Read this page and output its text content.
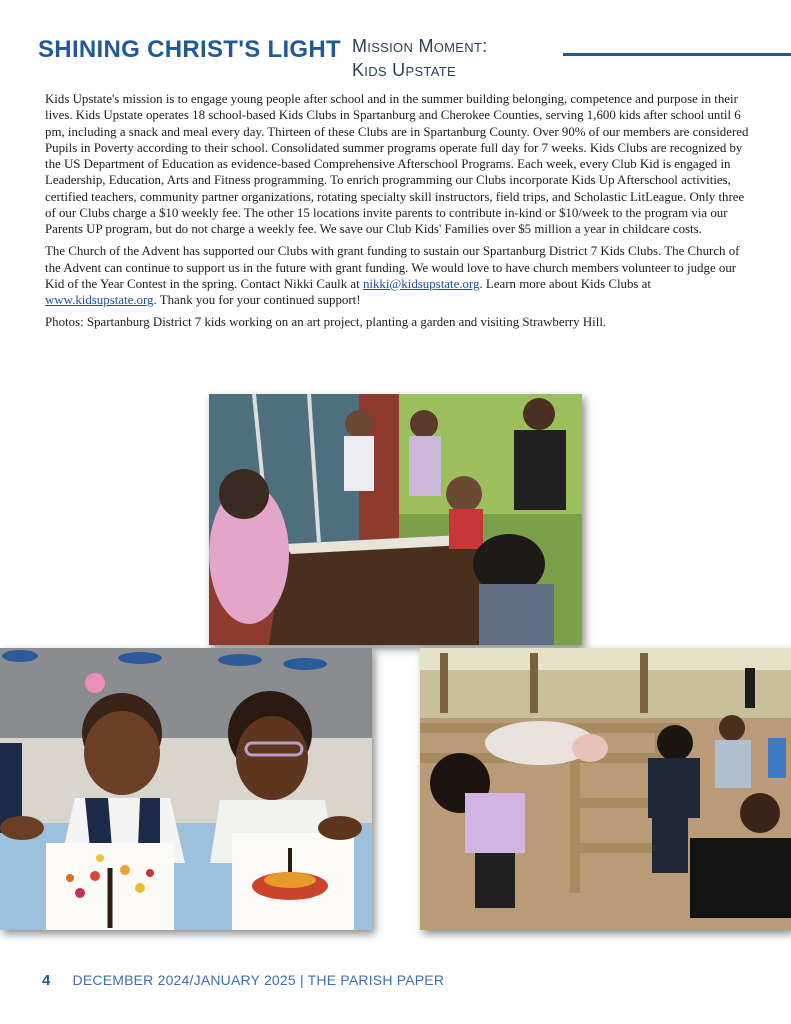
SHINING CHRIST'S LIGHT Mission Moment:
Kids Upstate

Kids Upstate's mission is to engage young people after school and in the summer building belonging, competence and purpose in their lives. Kids Upstate operates 18 school-based Kids Clubs in Spartanburg and Cherokee Counties, serving 1,600 kids after school until 6 pm, including a snack and meal every day. Thirteen of these Clubs are in Spartanburg County. Over 90% of our members are considered Pupils in Poverty according to their school. Consolidated summer programs operate full day for 7 weeks. Kids Clubs are recognized by the US Department of Education as evidence-based Comprehensive Afterschool Programs. Each week, every Club Kid is engaged in Leadership, Education, Arts and Fitness programming. To enrich programming our Clubs incorporate Kids Up Afterschool activities, certified teachers, community partner organizations, rotating specialty skill instructors, field trips, and Scholastic LitLeague. Only three of our Clubs charge a $10 weekly fee. The other 15 locations invite parents to contribute in-kind or $10/week to the program via our Parents UP program, but do not charge a weekly fee. We save our Club Kids' Families over $5 million a year in childcare costs.

The Church of the Advent has supported our Clubs with grant funding to sustain our Spartanburg District 7 Kids Clubs. The Church of the Advent can continue to support us in the future with grant funding. We would love to have church members volunteer to judge our Kid of the Year Contest in the spring. Contact Nikki Caulk at nikki@kidsupstate.org. Learn more about Kids Clubs at www.kidsupstate.org. Thank you for your continued support!

Photos: Spartanburg District 7 kids working on an art project, planting a garden and visiting Strawberry Hill.

4 DECEMBER 2024/JANUARY 2025 | THE PARISH PAPER
